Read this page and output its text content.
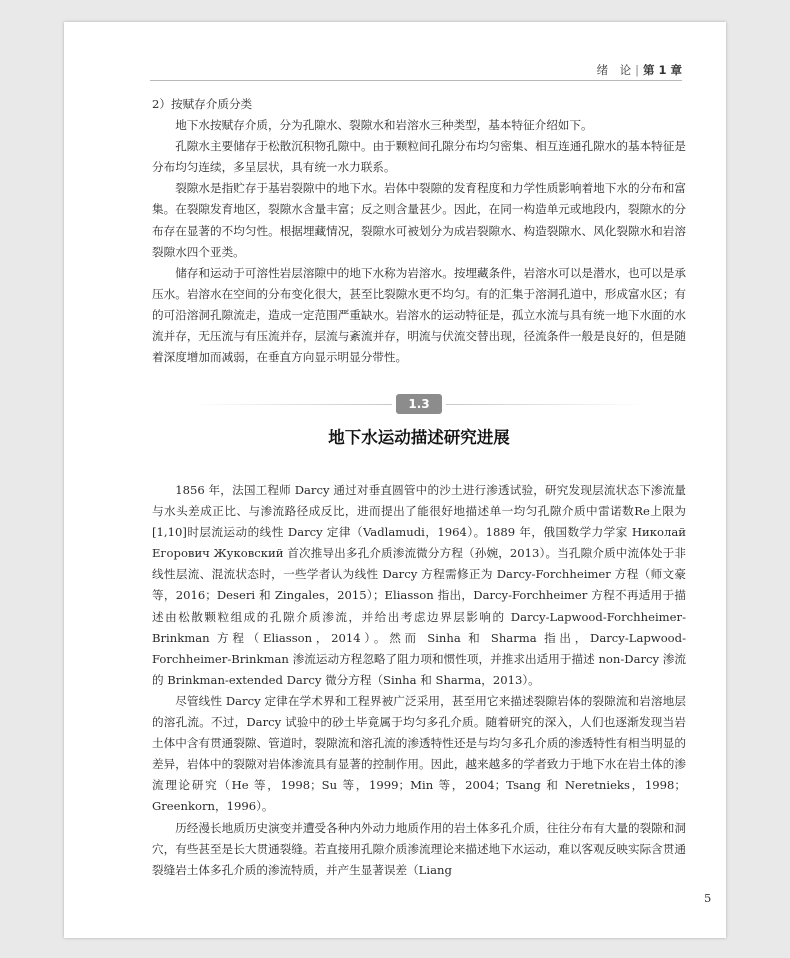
绪　论 | 第 1 章

2）按赋存介质分类

地下水按赋存介质，分为孔隙水、裂隙水和岩溶水三种类型，基本特征介绍如下。

孔隙水主要储存于松散沉积物孔隙中。由于颗粒间孔隙分布均匀密集、相互连通孔隙水的基本特征是分布均匀连续，多呈层状，具有统一水力联系。

裂隙水是指贮存于基岩裂隙中的地下水。岩体中裂隙的发育程度和力学性质影响着地下水的分布和富集。在裂隙发育地区，裂隙水含量丰富；反之则含量甚少。因此，在同一构造单元或地段内，裂隙水的分布存在显著的不均匀性。根据埋藏情况，裂隙水可被划分为成岩裂隙水、构造裂隙水、风化裂隙水和岩溶裂隙水四个亚类。

储存和运动于可溶性岩层溶隙中的地下水称为岩溶水。按埋藏条件，岩溶水可以是潜水，也可以是承压水。岩溶水在空间的分布变化很大，甚至比裂隙水更不均匀。有的汇集于溶洞孔道中，形成富水区；有的可沿溶洞孔隙流走，造成一定范围严重缺水。岩溶水的运动特征是，孤立水流与具有统一地下水面的水流并存，无压流与有压流并存，层流与紊流并存，明流与伏流交替出现，径流条件一般是良好的，但是随着深度增加而减弱，在垂直方向显示明显分带性。

1.3
地下水运动描述研究进展

1856 年，法国工程师 Darcy 通过对垂直圆管中的沙土进行渗透试验，研究发现层流状态下渗流量与水头差成正比、与渗流路径成反比，进而提出了能很好地描述单一均匀孔隙介质中雷诺数Re上限为[1,10]时层流运动的线性 Darcy 定律（Vadlamudi，1964）。1889 年，俄国数学力学家 Николай Егорович Жуковский 首次推导出多孔介质渗流微分方程（孙婉，2013）。当孔隙介质中流体处于非线性层流、混流状态时，一些学者认为线性 Darcy 方程需修正为 Darcy-Forchheimer 方程（师文豪等，2016；Deseri 和 Zingales，2015）；Eliasson 指出，Darcy-Forchheimer 方程不再适用于描述由松散颗粒组成的孔隙介质渗流，并给出考虑边界层影响的 Darcy-Lapwood-Forchheimer-Brinkman 方程（Eliasson，2014）。然而 Sinha 和 Sharma 指出，Darcy-Lapwood-Forchheimer-Brinkman 渗流运动方程忽略了阻力项和惯性项，并推求出适用于描述 non-Darcy 渗流的 Brinkman-extended Darcy 微分方程（Sinha 和 Sharma，2013）。

尽管线性 Darcy 定律在学术界和工程界被广泛采用，甚至用它来描述裂隙岩体的裂隙流和岩溶地层的溶孔流。不过，Darcy 试验中的砂土毕竟属于均匀多孔介质。随着研究的深入，人们也逐渐发现当岩土体中含有贯通裂隙、管道时，裂隙流和溶孔流的渗透特性还是与均匀多孔介质的渗透特性有相当明显的差异，岩体中的裂隙对岩体渗流具有显著的控制作用。因此，越来越多的学者致力于地下水在岩土体的渗流理论研究（He 等，1998；Su 等，1999；Min 等，2004；Tsang 和 Neretnieks，1998；Greenkorn，1996）。

历经漫长地质历史演变并遭受各种内外动力地质作用的岩土体多孔介质，往往分布有大量的裂隙和洞穴，有些甚至是长大贯通裂缝。若直接用孔隙介质渗流理论来描述地下水运动，难以客观反映实际含贯通裂缝岩土体多孔介质的渗流特质，并产生显著误差（Liang

5
